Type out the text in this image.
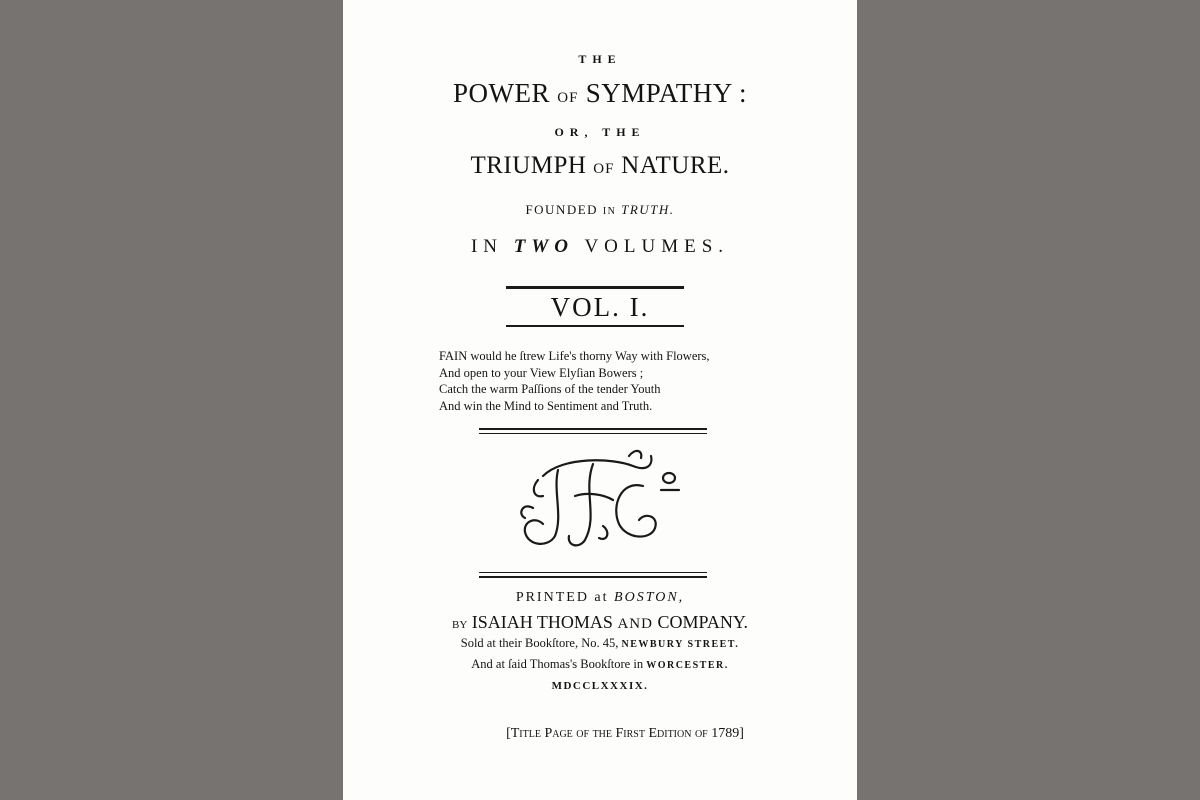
THE
POWER OF SYMPATHY :
OR, THE
TRIUMPH OF NATURE.
FOUNDED IN TRUTH.
IN TWO VOLUMES.
VOL. I.
FAIN would he ſtrew Life's thorny Way with Flowers,
And open to your View Elyſian Bowers ;
Catch the warm Paſſions of the tender Youth
And win the Mind to Sentiment and Truth.
PRINTED at BOSTON,
BY ISAIAH THOMAS AND COMPANY.
Sold at their Bookſtore, No. 45, NEWBURY STREET.
And at ſaid Thomas's Bookſtore in WORCESTER.
MDCCLXXXIX.
[Title Page of the First Edition of 1789]
